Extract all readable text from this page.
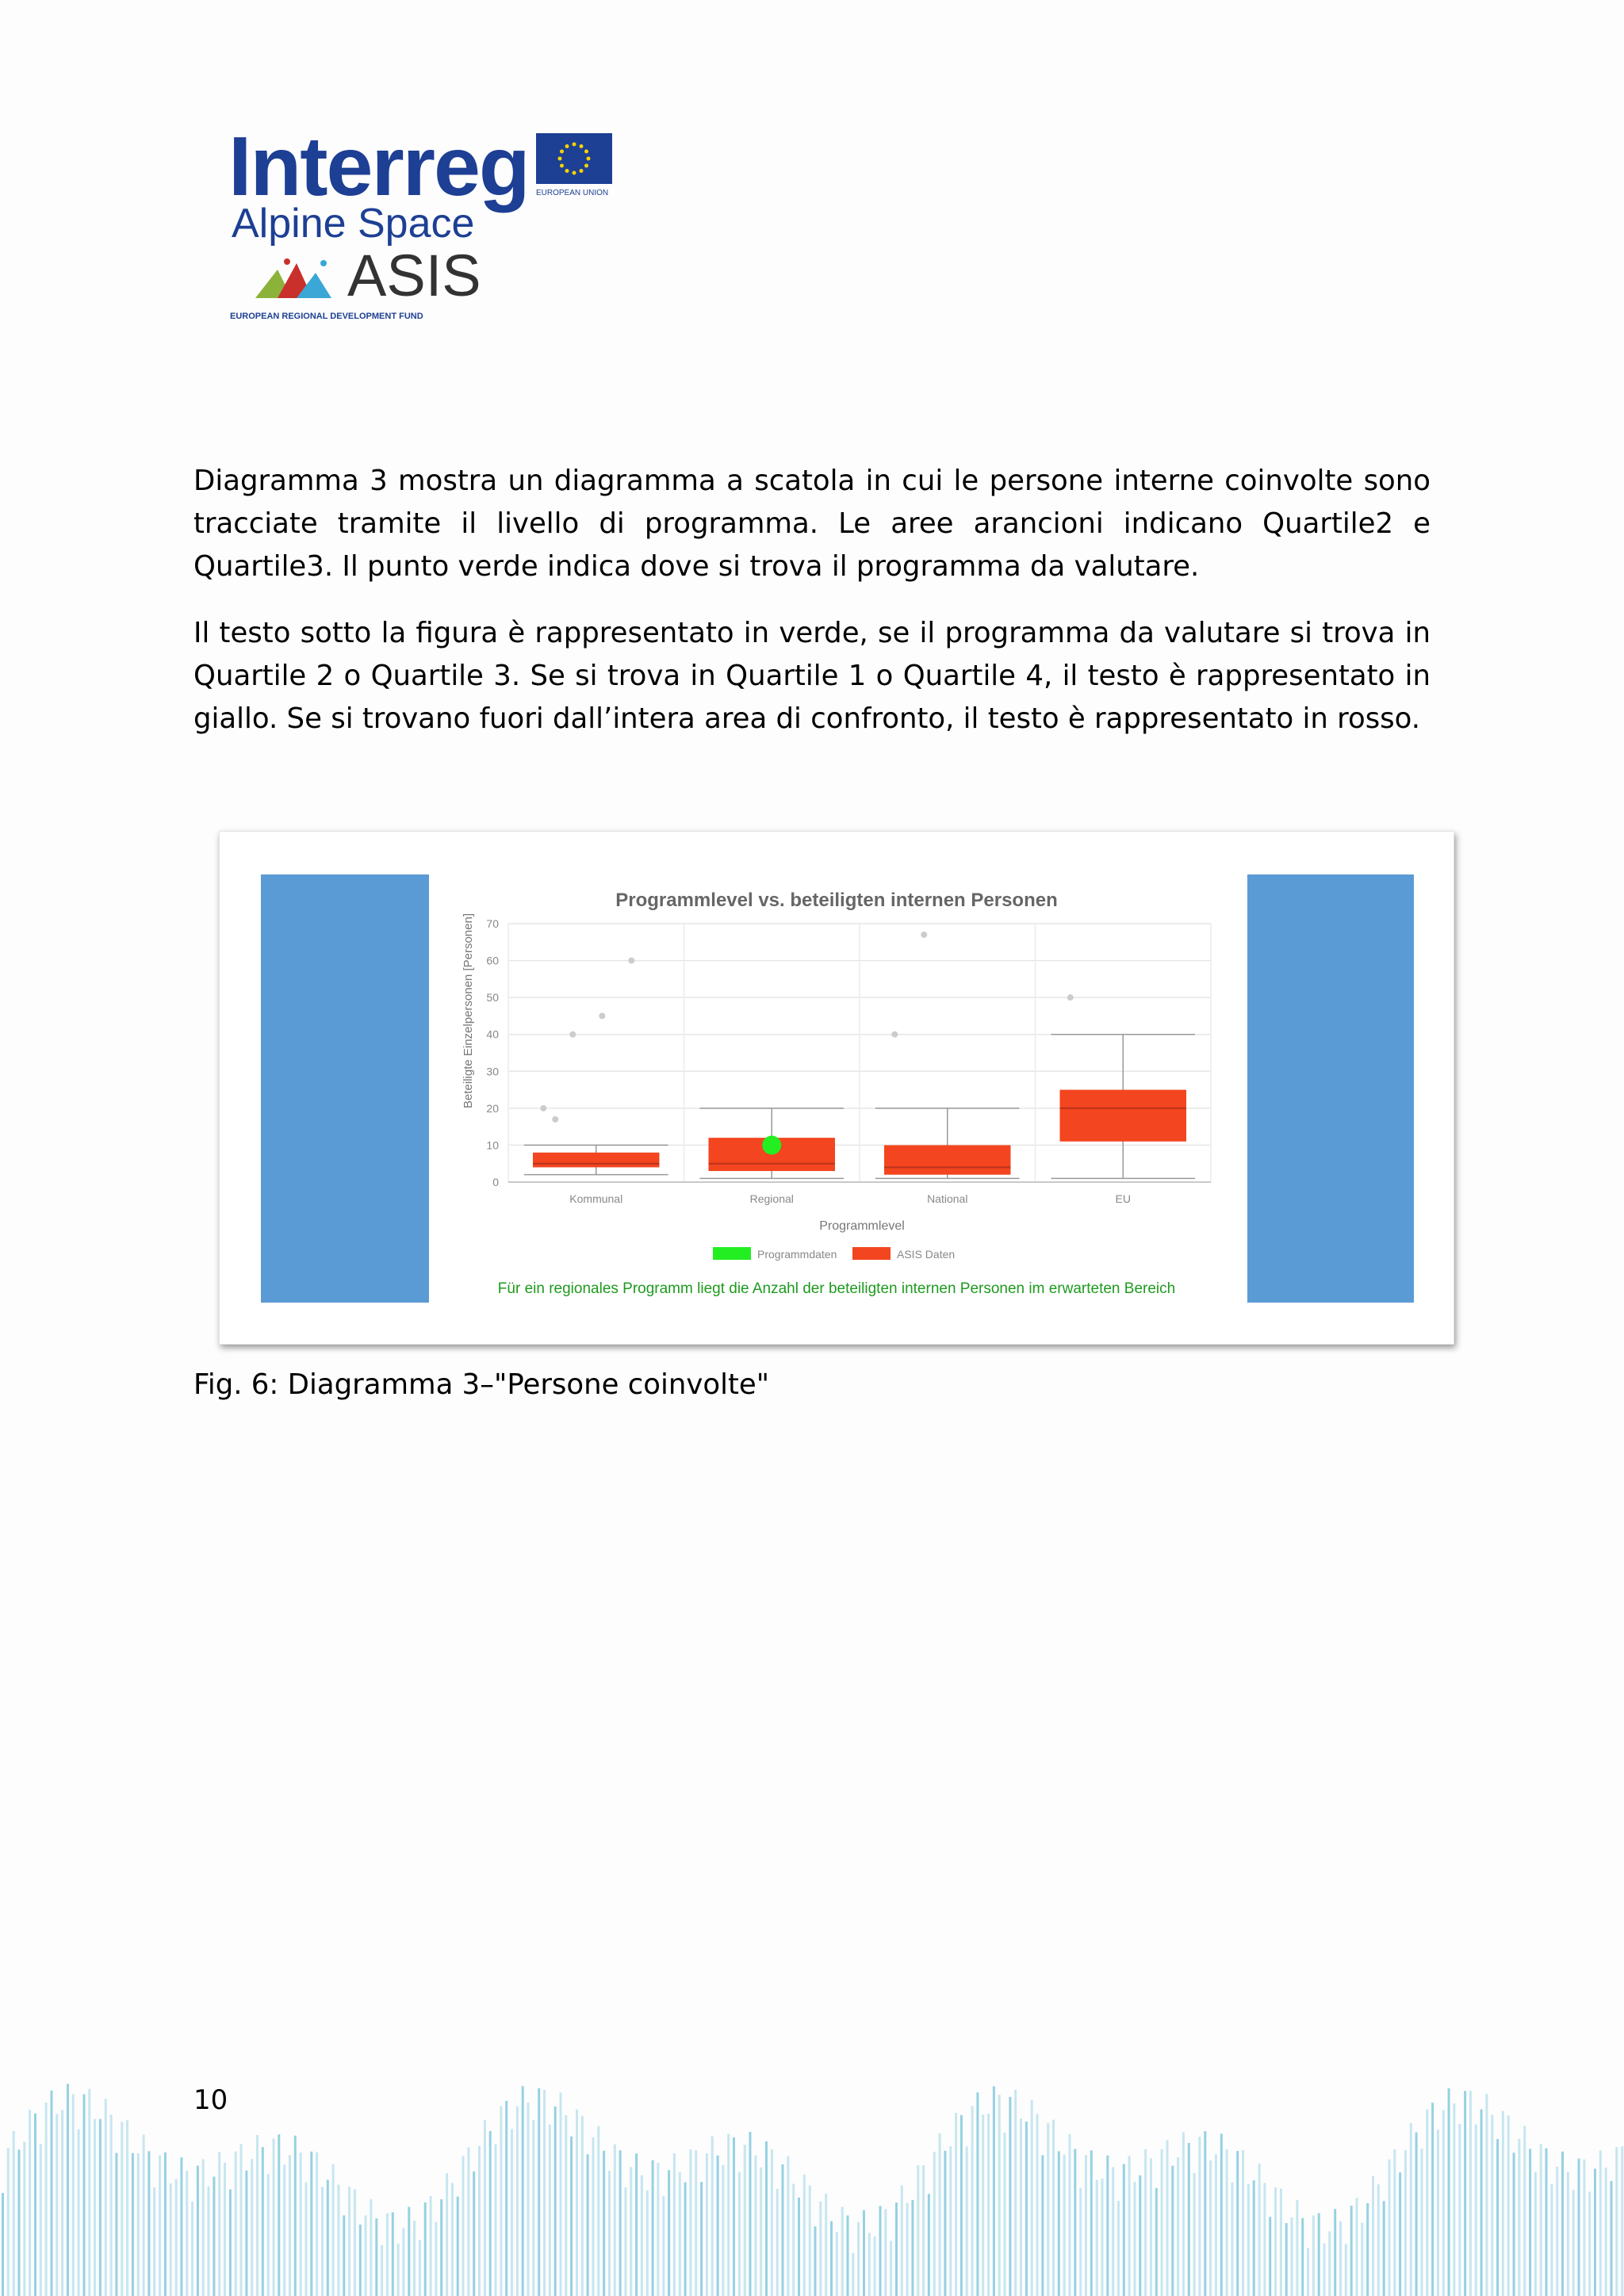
Interreg EUROPEAN UNION
Alpine Space
ASIS
EUROPEAN REGIONAL DEVELOPMENT FUND

Diagramma 3 mostra un diagramma a scatola in cui le persone interne coinvolte sono tracciate tramite il livello di programma. Le aree arancioni indicano Quartile2 e Quartile3. Il punto verde indica dove si trova il programma da valutare.

Il testo sotto la figura è rappresentato in verde, se il programma da valutare si trova in Quartile 2 o Quartile 3. Se si trova in Quartile 1 o Quartile 4, il testo è rappresentato in giallo. Se si trovano fuori dall’intera area di confronto, il testo è rappresentato in rosso.

Programmlevel vs. beteiligten internen Personen
0
10
20
30
40
50
60
70
Beteiligte Einzelpersonen [Personen]
Kommunal	Regional	National	EU
Programmlevel
Programmdaten	ASIS Daten
Für ein regionales Programm liegt die Anzahl der beteiligten internen Personen im erwarteten Bereich
Fig. 6: Diagramma 3–"Persone coinvolte"
10
